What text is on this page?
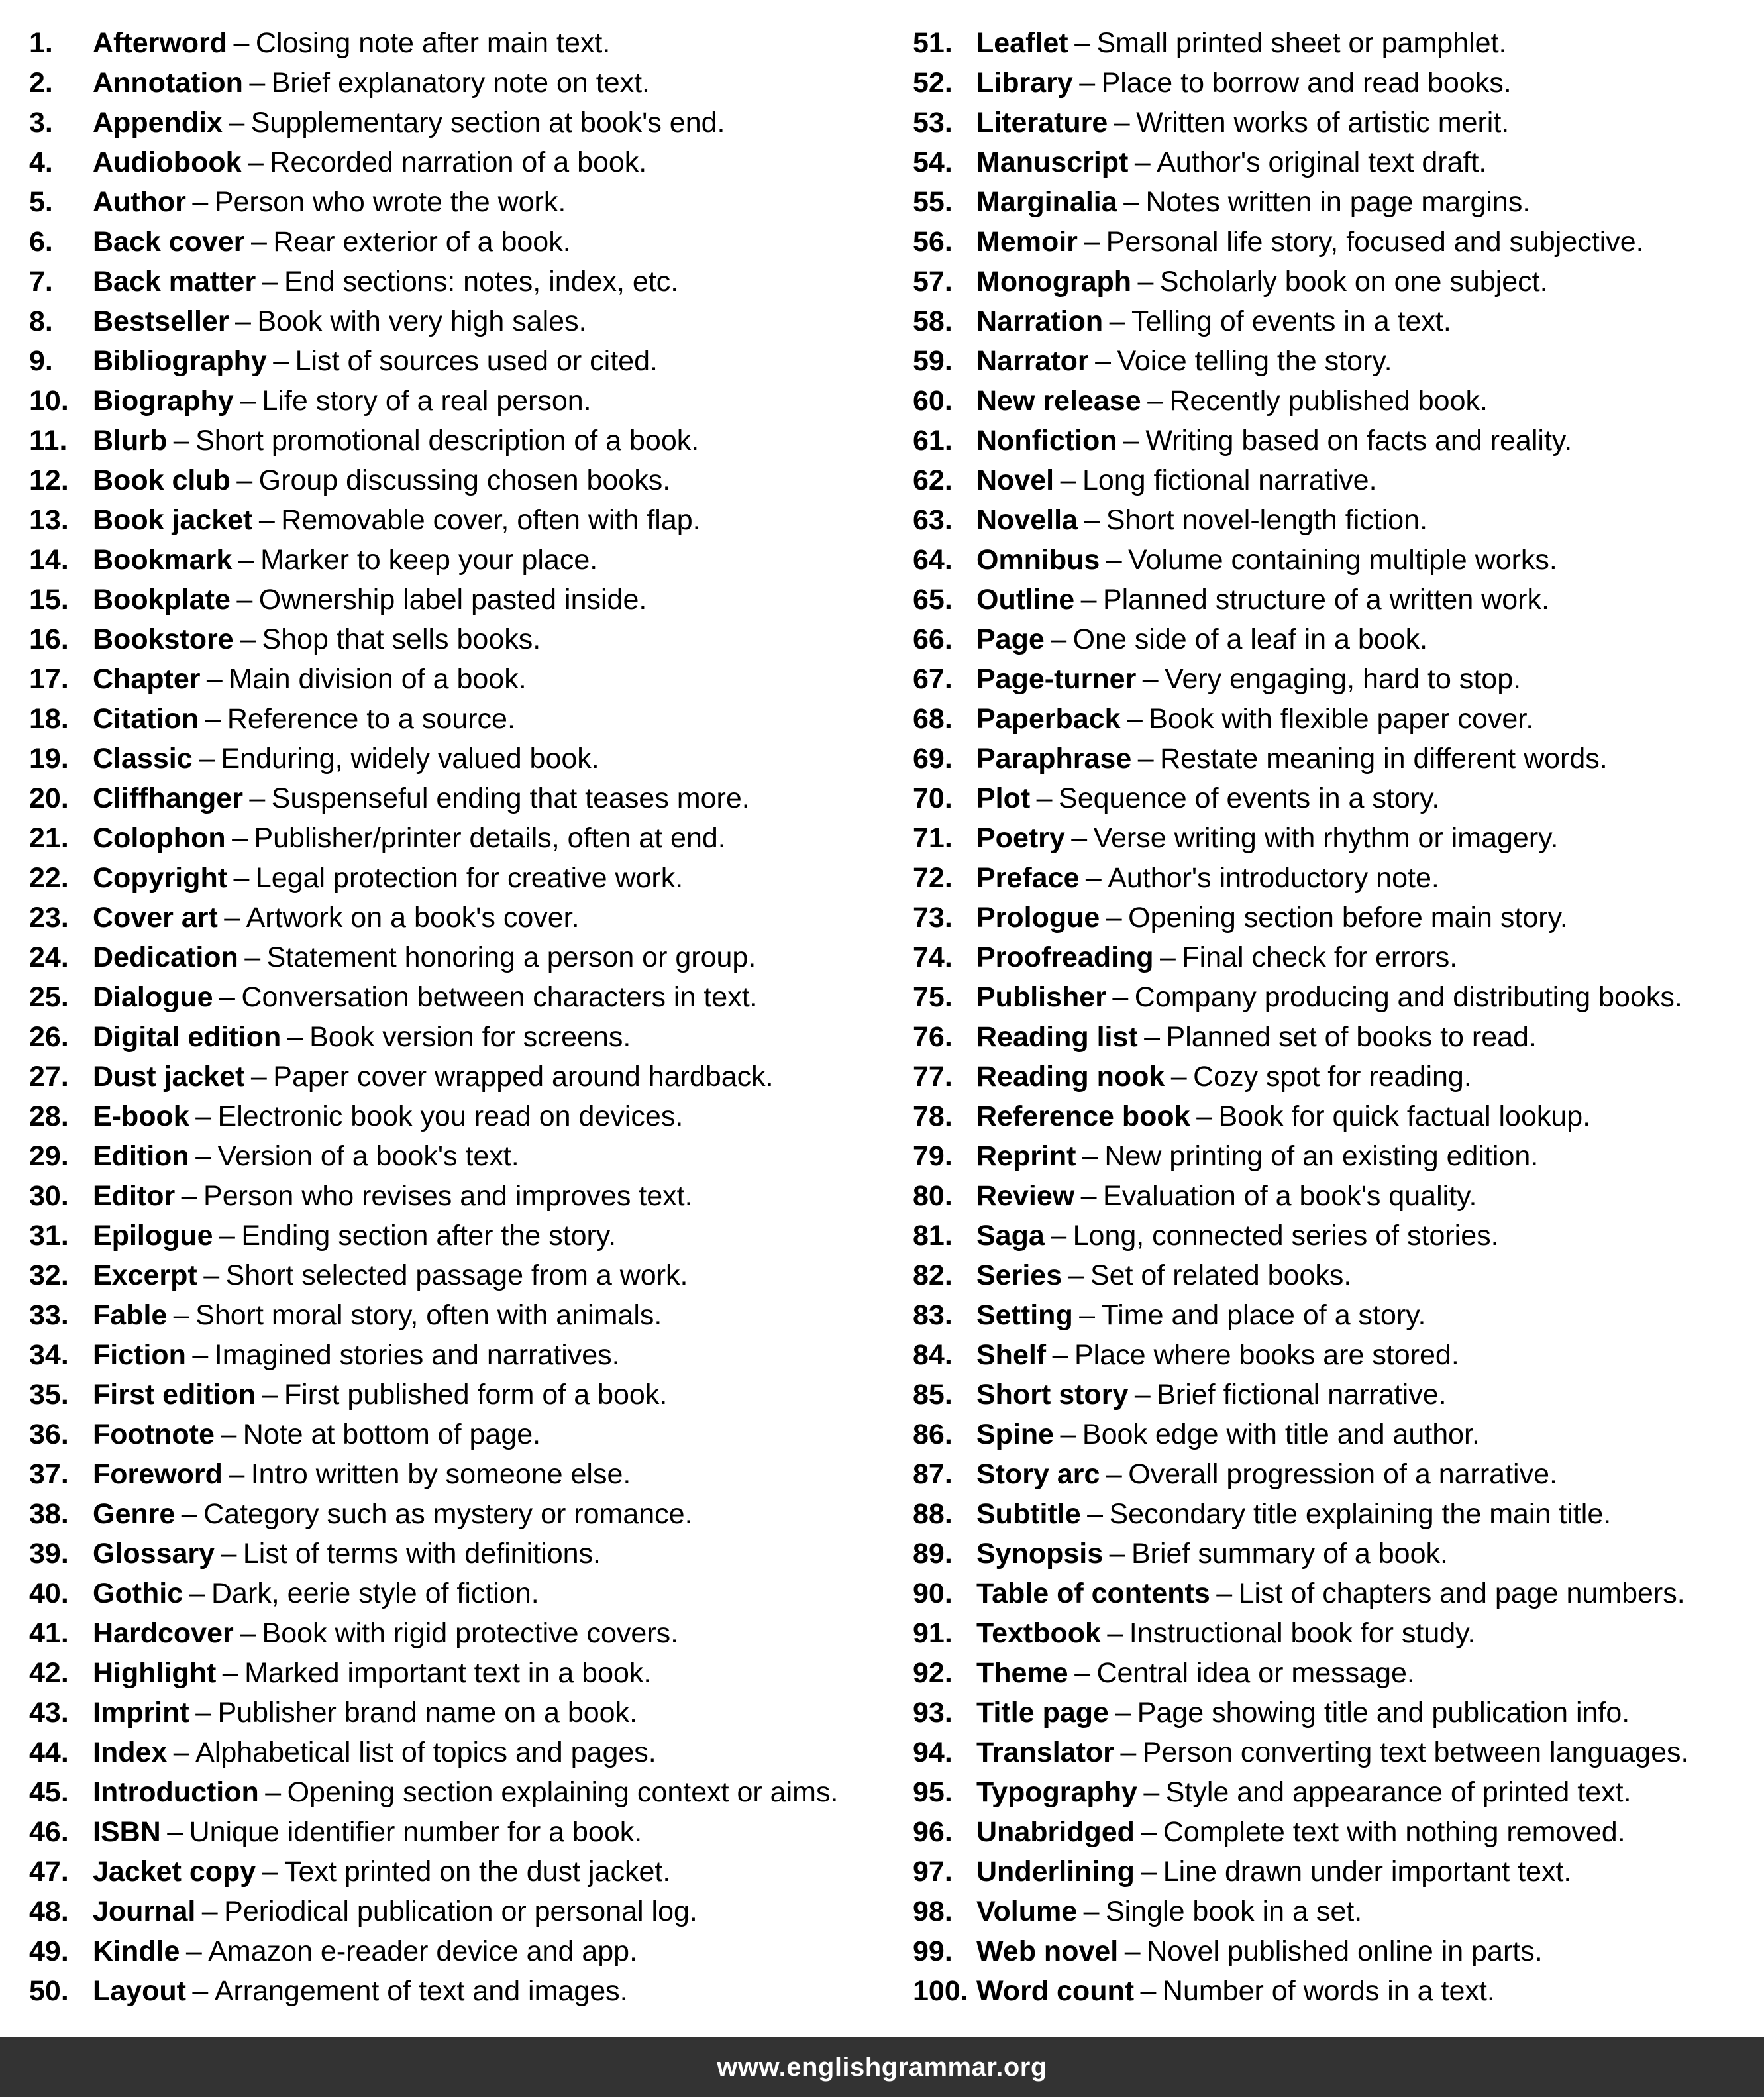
1.	Afterword – Closing note after main text.
2.	Annotation – Brief explanatory note on text.
3.	Appendix – Supplementary section at book's end.
4.	Audiobook – Recorded narration of a book.
5.	Author – Person who wrote the work.
6.	Back cover – Rear exterior of a book.
7.	Back matter – End sections: notes, index, etc.
8.	Bestseller – Book with very high sales.
9.	Bibliography – List of sources used or cited.
10. Biography – Life story of a real person.
11. Blurb – Short promotional description of a book.
12. Book club – Group discussing chosen books.
13. Book jacket – Removable cover, often with flap.
14. Bookmark – Marker to keep your place.
15. Bookplate – Ownership label pasted inside.
16. Bookstore – Shop that sells books.
17. Chapter – Main division of a book.
18. Citation – Reference to a source.
19. Classic – Enduring, widely valued book.
20. Cliffhanger – Suspenseful ending that teases more.
21. Colophon – Publisher/printer details, often at end.
22. Copyright – Legal protection for creative work.
23. Cover art – Artwork on a book's cover.
24. Dedication – Statement honoring a person or group.
25. Dialogue – Conversation between characters in text.
26. Digital edition – Book version for screens.
27. Dust jacket – Paper cover wrapped around hardback.
28. E-book – Electronic book you read on devices.
29. Edition – Version of a book's text.
30. Editor – Person who revises and improves text.
31. Epilogue – Ending section after the story.
32. Excerpt – Short selected passage from a work.
33. Fable – Short moral story, often with animals.
34. Fiction – Imagined stories and narratives.
35. First edition – First published form of a book.
36. Footnote – Note at bottom of page.
37. Foreword – Intro written by someone else.
38. Genre – Category such as mystery or romance.
39. Glossary – List of terms with definitions.
40. Gothic – Dark, eerie style of fiction.
41. Hardcover – Book with rigid protective covers.
42. Highlight – Marked important text in a book.
43. Imprint – Publisher brand name on a book.
44. Index – Alphabetical list of topics and pages.
45. Introduction – Opening section explaining context or aims.
46. ISBN – Unique identifier number for a book.
47. Jacket copy – Text printed on the dust jacket.
48. Journal – Periodical publication or personal log.
49. Kindle – Amazon e-reader device and app.
50. Layout – Arrangement of text and images.
51. Leaflet – Small printed sheet or pamphlet.
52. Library – Place to borrow and read books.
53. Literature – Written works of artistic merit.
54. Manuscript – Author's original text draft.
55. Marginalia – Notes written in page margins.
56. Memoir – Personal life story, focused and subjective.
57. Monograph – Scholarly book on one subject.
58. Narration – Telling of events in a text.
59. Narrator – Voice telling the story.
60. New release – Recently published book.
61. Nonfiction – Writing based on facts and reality.
62. Novel – Long fictional narrative.
63. Novella – Short novel-length fiction.
64. Omnibus – Volume containing multiple works.
65. Outline – Planned structure of a written work.
66. Page – One side of a leaf in a book.
67. Page-turner – Very engaging, hard to stop.
68. Paperback – Book with flexible paper cover.
69. Paraphrase – Restate meaning in different words.
70. Plot – Sequence of events in a story.
71. Poetry – Verse writing with rhythm or imagery.
72. Preface – Author's introductory note.
73. Prologue – Opening section before main story.
74. Proofreading – Final check for errors.
75. Publisher – Company producing and distributing books.
76. Reading list – Planned set of books to read.
77. Reading nook – Cozy spot for reading.
78. Reference book – Book for quick factual lookup.
79. Reprint – New printing of an existing edition.
80. Review – Evaluation of a book's quality.
81. Saga – Long, connected series of stories.
82. Series – Set of related books.
83. Setting – Time and place of a story.
84. Shelf – Place where books are stored.
85. Short story – Brief fictional narrative.
86. Spine – Book edge with title and author.
87. Story arc – Overall progression of a narrative.
88. Subtitle – Secondary title explaining the main title.
89. Synopsis – Brief summary of a book.
90. Table of contents – List of chapters and page numbers.
91. Textbook – Instructional book for study.
92. Theme – Central idea or message.
93. Title page – Page showing title and publication info.
94. Translator – Person converting text between languages.
95. Typography – Style and appearance of printed text.
96. Unabridged – Complete text with nothing removed.
97. Underlining – Line drawn under important text.
98. Volume – Single book in a set.
99. Web novel – Novel published online in parts.
100. Word count – Number of words in a text.
www.englishgrammar.org
